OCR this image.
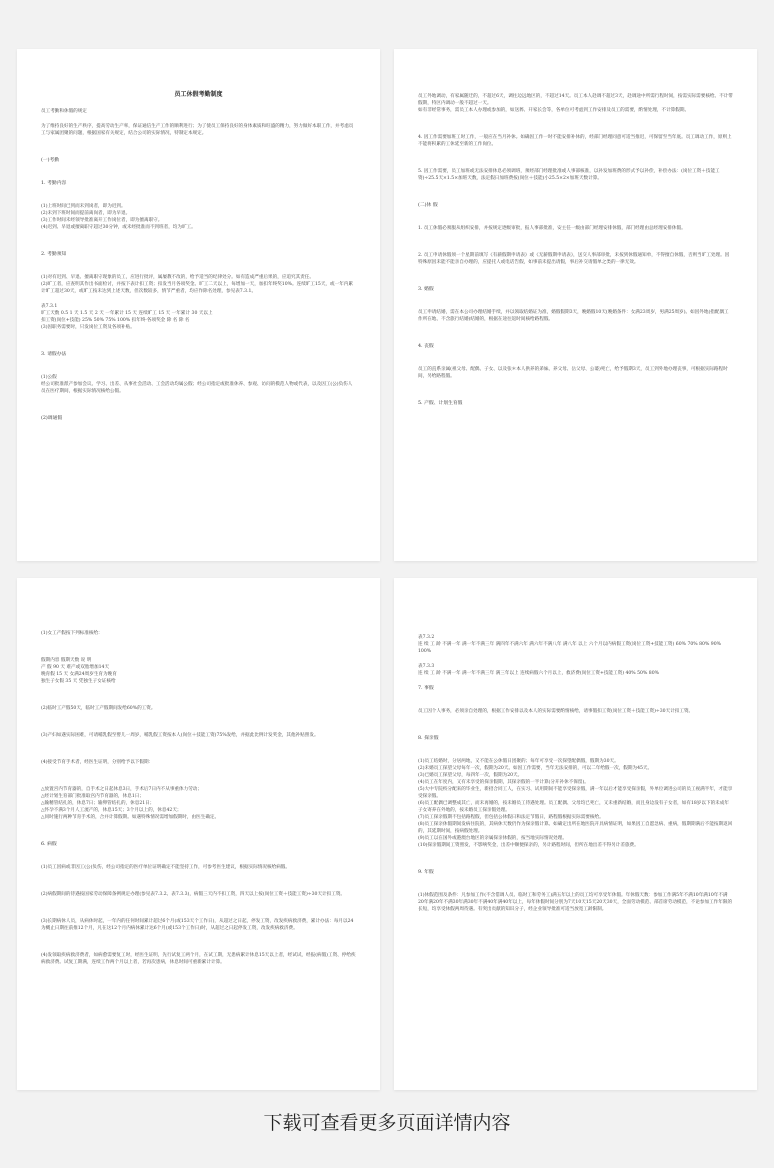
员工休假考勤制度
员工考勤和休假的规定
为了维持良好的生产秩序，提高劳动生产率，保证通信生产工作的顺利进行；为了使员工保持良好的身体素质和旺盛的精力，努力做好本职工作，并考虑员工与家属团聚的问题，根据国家有关规定，结合公司的实际情况，特制定本规定。
(一)考勤
1. 考勤内容
(1)上班时间已到而未到岗者，即为迟到。
(2)未到下班时间而提前离岗者，即为早退。
(3)工作时间未经领导批准离开工作岗位者，即为擅离职守。
(4)迟到、早退或擅离职守超过30分钟，或未经批准而不到班者，均为旷工。
2. 考勤须知
(1)对有迟到、早退、擅离职守现象的员工，应进行批评，属屡教不改的，给予适当的纪律处分。如有造成严重后果的，应追究其责任。
(2)旷工者，应查明其作出书面检讨，并按下表计扣工资；扣发当月各项奖金。旷工二天以上，每增加一天，加扣年终奖10%。连续旷工15天，或一年内累计旷工超过30天，或旷工按未达到上述天数，但次数较多，情节严重者，均应作除名处理，参见表7.3.1。
表7.3.1
旷工天数 0.5 1 天 1.5 天 2 天 一年累计 15 天 连续旷工 15 天 一年累计 30 天以上
扣工资(岗位+技能) 25% 50% 75% 100% 扣年终·各项奖金 除 名 除 名
(3)因职务需要时，只发岗位工资及各项补贴。
3. 请假办法
(1)公假
经公司批准派产参加会议、学习、出差、从事社会活动、工会活动均属公假；经公司指定或批准休养、参观、访问的模范人物或代表，以及因工(公)负伤人员在医疗期间，根据实际情况核给公假。
(2)调通假
员工外地调动，有家属随迁的，不超过6天，调往边远地区的，不超过14天。员工本人赴调不超过3天，赴调途中所需行程时间，按需实际需要核给。不计带假期，特区内调动一般不超过一天。
如有非经常事务，需员工本人办理或参加的，如送葬、开家长会等，各单位可考虑到工作安排及员工的需要，酌情处理，不计算假期。
4. 因工作需要加班工时工作，一般应在当月补休。如确因工作一时不能安排补休的，经部门经理同意可适当推迟，可保留至当年底。员工调动工作，原则上不能将积累的工休延至新的工作岗位。
5. 因工作需要，员工加班或无法安排休息必须调班，须经部门经理批准或人事部核准，以补发加班费的形式予以补偿，补偿办法：(岗位工资＋技能工资)÷25.5天×1.5×加班天数，法定假日加班费按(岗位＋技能)小25.5×2×加班天数计算。
(二)休 假
1. 员工休假必须服从组织安排，并按规定逐级审批，报人事部批准，安主任一级由部门经理安排休假，部门经理由总经理安排休假。
2. 员工申请休假须一个星期前填写《有薪假期申请表》或《无薪假期申请表》，送交人事部审批，未按到休假通知单，不得擅自休假，否则当旷工处理。因特殊原因未能不能亲自办理的，应提托人或电话告假，如事前未提出请假，事后补交请假单之类的一律无效。
3. 婚假
员工申请结婚，需在本公司办理结婚手续，并以领取结婚证为准，婚假假期3天，晚婚假10天(晚婚条件：女满23周岁，男满25周岁)。如因外地(指配偶工作所在地、不含旅行结婚)结婚的，根据在途往返时间核给路程假。
4. 丧假
员工的直系亲属(祖父母、配偶、子女、以及张＊本人供养的弟妹、养父母、岳父母、公婆)死亡，给予假期3天，员工到外地办理丧事，可根据实际路程时间，另给路程假。
5. 产假、计划生育假
(1)女工产假按下列标准核给：
假期内容 假期天数 说 明
产 假 90 天 难产或双胎增加14天
晚育假 15 天 女满24周岁生育为晚育
独生子女假 35 天 凭独生子女证核给
(2)临时工产假50天，临时工产假期间发给60%的工资。
(3)产妇如遇实际困难，可请哺乳假至婴儿一周岁，哺乳假工资按本人(岗位＋技能工资)75%发给，并据此比例计发奖金，其他补贴照发。
(4)接受节育手术者，经医生证明，分别给予以下假期：
△放置宫内节育器的，自手术之日起休息3日，手术后7日内不从事重体力劳动；
△经计划生育部门批准取宫内节育器的，休息1日；
△输精管结扎的，休息7日；输卵管结扎的，休息21日；
△怀孕不满3个月人工流产的，休息15天；3个月以上的，休息42天；
△同时施行两种节育手术的，合并计算假期。如遇特殊情况需增加假期时，由医生确定。
6. 病假
(1)员工因病或非因工(公)负伤，经公司指定的医疗单位证明确定不能坚持工作，可参考医生建议，根据实际情况核给病假。
(2)病假期间的待遇按国家劳动保障条例规定办理(参见表7.3.2、表7.3.3)，病假三天内不扣工资，四天以上按(岗位工资＋技能工资)÷30天计扣工资。
(3)长期病休人员，从病休时起，一年内的任何时间累计超过6个月(或153天个工作日)，从超过之日起，停发工资，改发疾病救济费，累计办法：每月以24为概止日期往前推12个月，凡在这12个月内病休累计达6个月(或153个工作日)时，从超过之日起停发工资，改发疾病救济费。
(4)发领取疾病救济费者，如病愈需要复工时，经医生证明，先行试复工两个月，在试工期，无患病累计休息15天以上者，经试试，经报(病假)工资、停给疾病救济费。试复工期满，连续工作两个月以上者，若再次患病，休息时间可重新累计计算。
表7.3.2
连 续 工 龄 不满一年 满一年不满三年 满四年不满六年 满六年不满八年 满八年 以上 六个月以内病假工资(岗位工资+技能工资) 60% 70% 80% 90% 100%
表7.3.3
连 续 工 龄 不满一年 满一年不满三年 满三年以上 连续病假六个月以上，救济费(岗位工资+技能工资) 40% 50% 80%
7. 事假
员工因个人事务，必须亲自处理的，根据工作安排以及本人的实际需要酌情核给，请事假扣工资(岗位工资＋技能工资)÷30天计扣工资。
8. 探亲假
(1)员工结婚时，分居两地，又不能在公休假日团聚的；每年可享受一次探望配偶假，假期为30天。
(2)未婚员工探望父母每年一次，假期为20天。如因工作需要，当年无法安排的，可以二年给假一次，假期为45天。
(3)已婚员工探望父母，每四年一次，假期为20天。
(4)员工在年度内，又有未享受的探亲假期，其探亲假的一半计算(分开补休不保留)。
(5)大中专院校分配来的毕业生，新招合同工人，在实习、试用期间不能享受探亲假，满一年以后才能享受探亲假，外单位调进公司的员工视满半年，才能享受探亲假。
(6)员工配偶已调整成其亡，而未再婚的，按未婚员工待遇处理。员工配偶、父母均已死亡，又未重新结婚，而且身边没有子女者，如有18岁以下的未成年子女寄养在外地的，按未婚员工探亲假处理。
(7)员工探亲假期不包括路程假，但包括公休假日和法定节假日，路程假根据实际需要核给。
(8)员工探亲休假期间发病住院的，其病休天数仍作为探亲假计算。如确定出所在地医院开具病情证明，如果因工自愿急病、重病，假期期满后不能按期返回的，其延期时间，按病假处理。
(9)员工以在国外或港澳台地区的亲属探亲休假的，按当地实际情况处理。
(10)探亲假期间工资照发，不影响奖金，出差中顺便探亲的，另计路程时间，但所在地出差不得另计差旅费。
9. 年假
(1)休假范围及条件：凡参加工作(不含借调人员、临时工和劳务工)满五年以上的员工均可享受年休假。年休假天数：参加工作满5年不满10年满10年不满20年满20年不满30年满30年不满40年满40年以上，每年休假时间分别为7天10天15天20天30天，全面劳动模范、部首席劳动模范，不论参加工作年限的长短，均享受休假两周待遇。有突出贡献的知识分子，经企业领导批准可适当放宽工龄限制。
下载可查看更多页面详情内容
